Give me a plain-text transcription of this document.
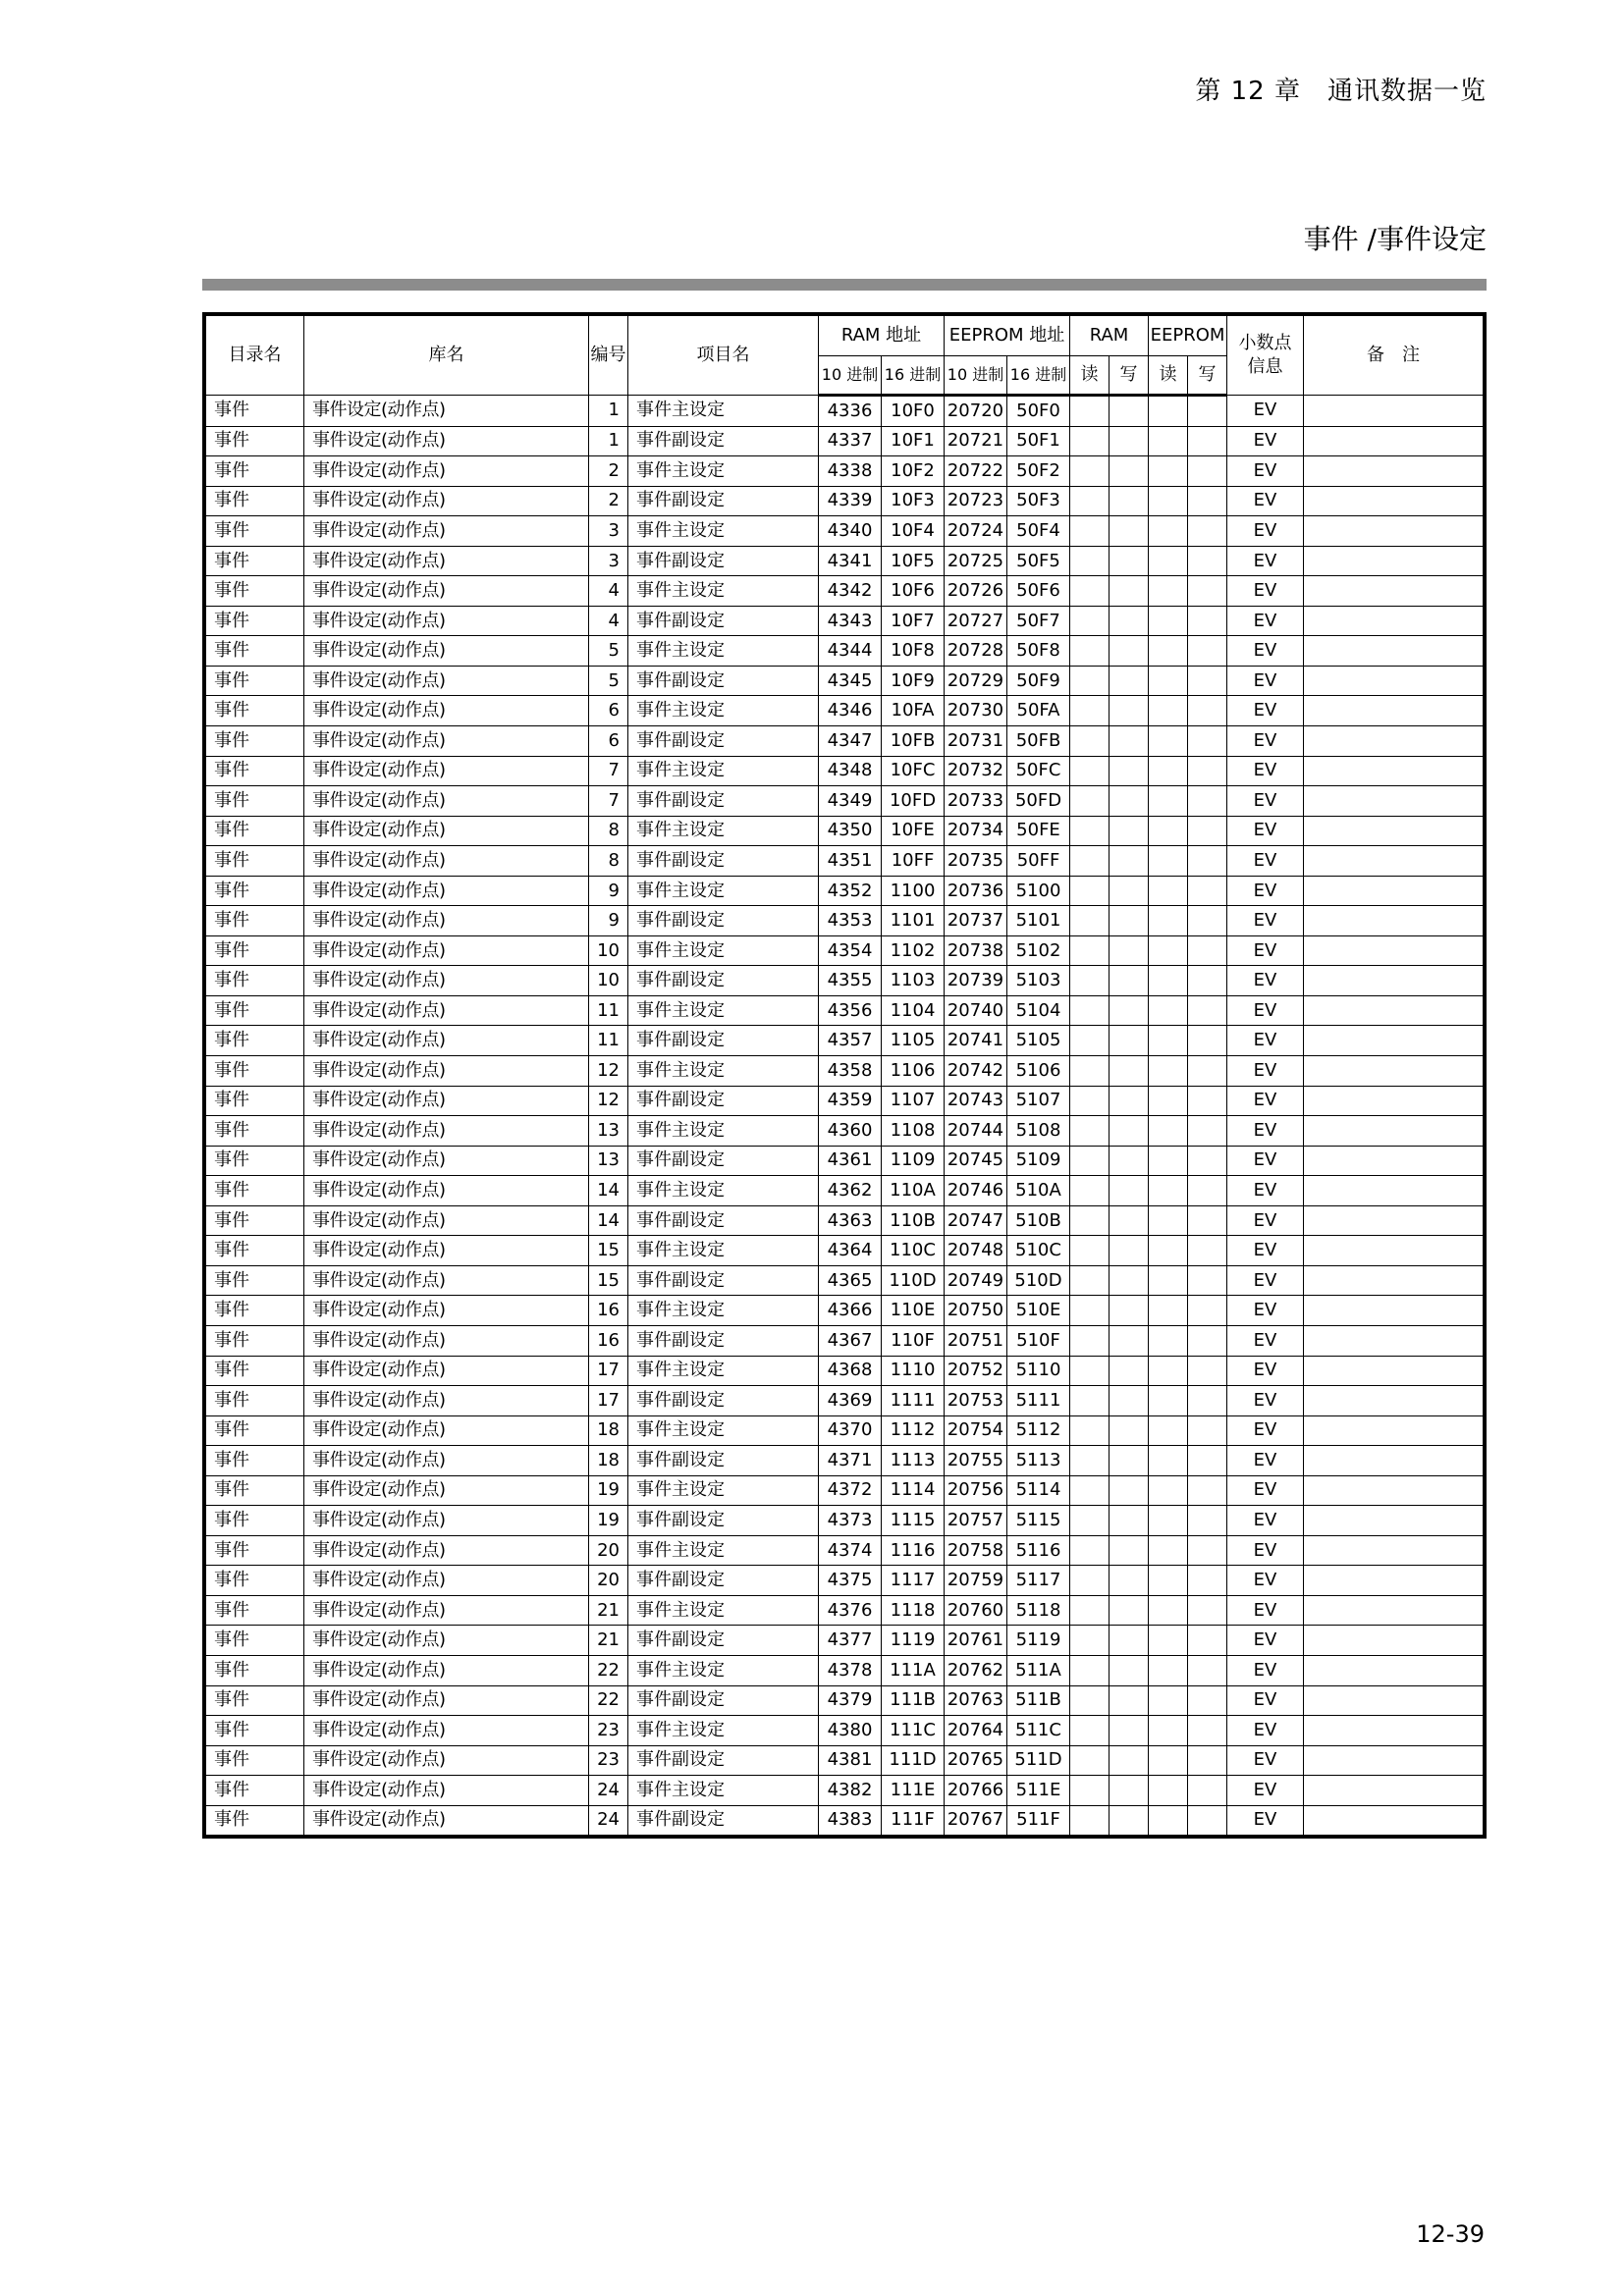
第 12 章　通讯数据一览
事件 /事件设定
目录名	库名	编号	项目名	RAM 地址		EEPROM 地址		RAM		EEPROM		小数点
信息	备　注
				10 进制	16 进制	10 进制	16 进制	读	写	读	写		
事件	事件设定(动作点)	1	事件主设定	4336	10F0	20720	50F0					EV	
事件	事件设定(动作点)	1	事件副设定	4337	10F1	20721	50F1					EV	
事件	事件设定(动作点)	2	事件主设定	4338	10F2	20722	50F2					EV	
事件	事件设定(动作点)	2	事件副设定	4339	10F3	20723	50F3					EV	
事件	事件设定(动作点)	3	事件主设定	4340	10F4	20724	50F4					EV	
事件	事件设定(动作点)	3	事件副设定	4341	10F5	20725	50F5					EV	
事件	事件设定(动作点)	4	事件主设定	4342	10F6	20726	50F6					EV	
事件	事件设定(动作点)	4	事件副设定	4343	10F7	20727	50F7					EV	
事件	事件设定(动作点)	5	事件主设定	4344	10F8	20728	50F8					EV	
事件	事件设定(动作点)	5	事件副设定	4345	10F9	20729	50F9					EV	
事件	事件设定(动作点)	6	事件主设定	4346	10FA	20730	50FA					EV	
事件	事件设定(动作点)	6	事件副设定	4347	10FB	20731	50FB					EV	
事件	事件设定(动作点)	7	事件主设定	4348	10FC	20732	50FC					EV	
事件	事件设定(动作点)	7	事件副设定	4349	10FD	20733	50FD					EV	
事件	事件设定(动作点)	8	事件主设定	4350	10FE	20734	50FE					EV	
事件	事件设定(动作点)	8	事件副设定	4351	10FF	20735	50FF					EV	
事件	事件设定(动作点)	9	事件主设定	4352	1100	20736	5100					EV	
事件	事件设定(动作点)	9	事件副设定	4353	1101	20737	5101					EV	
事件	事件设定(动作点)	10	事件主设定	4354	1102	20738	5102					EV	
事件	事件设定(动作点)	10	事件副设定	4355	1103	20739	5103					EV	
事件	事件设定(动作点)	11	事件主设定	4356	1104	20740	5104					EV	
事件	事件设定(动作点)	11	事件副设定	4357	1105	20741	5105					EV	
事件	事件设定(动作点)	12	事件主设定	4358	1106	20742	5106					EV	
事件	事件设定(动作点)	12	事件副设定	4359	1107	20743	5107					EV	
事件	事件设定(动作点)	13	事件主设定	4360	1108	20744	5108					EV	
事件	事件设定(动作点)	13	事件副设定	4361	1109	20745	5109					EV	
事件	事件设定(动作点)	14	事件主设定	4362	110A	20746	510A					EV	
事件	事件设定(动作点)	14	事件副设定	4363	110B	20747	510B					EV	
事件	事件设定(动作点)	15	事件主设定	4364	110C	20748	510C					EV	
事件	事件设定(动作点)	15	事件副设定	4365	110D	20749	510D					EV	
事件	事件设定(动作点)	16	事件主设定	4366	110E	20750	510E					EV	
事件	事件设定(动作点)	16	事件副设定	4367	110F	20751	510F					EV	
事件	事件设定(动作点)	17	事件主设定	4368	1110	20752	5110					EV	
事件	事件设定(动作点)	17	事件副设定	4369	1111	20753	5111					EV	
事件	事件设定(动作点)	18	事件主设定	4370	1112	20754	5112					EV	
事件	事件设定(动作点)	18	事件副设定	4371	1113	20755	5113					EV	
事件	事件设定(动作点)	19	事件主设定	4372	1114	20756	5114					EV	
事件	事件设定(动作点)	19	事件副设定	4373	1115	20757	5115					EV	
事件	事件设定(动作点)	20	事件主设定	4374	1116	20758	5116					EV	
事件	事件设定(动作点)	20	事件副设定	4375	1117	20759	5117					EV	
事件	事件设定(动作点)	21	事件主设定	4376	1118	20760	5118					EV	
事件	事件设定(动作点)	21	事件副设定	4377	1119	20761	5119					EV	
事件	事件设定(动作点)	22	事件主设定	4378	111A	20762	511A					EV	
事件	事件设定(动作点)	22	事件副设定	4379	111B	20763	511B					EV	
事件	事件设定(动作点)	23	事件主设定	4380	111C	20764	511C					EV	
事件	事件设定(动作点)	23	事件副设定	4381	111D	20765	511D					EV	
事件	事件设定(动作点)	24	事件主设定	4382	111E	20766	511E					EV	
事件	事件设定(动作点)	24	事件副设定	4383	111F	20767	511F					EV	
12-39
